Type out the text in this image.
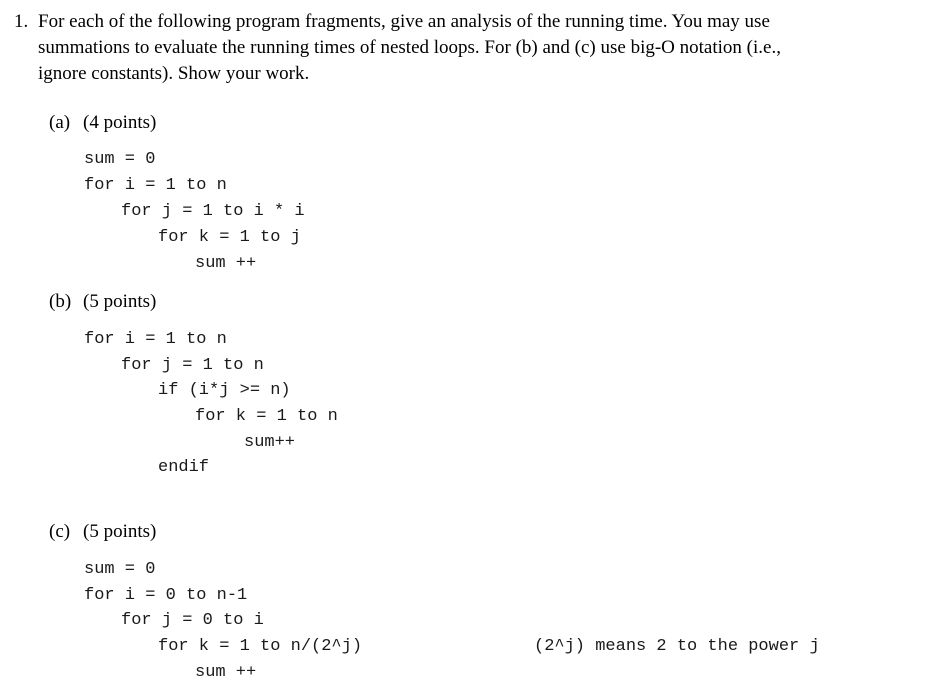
1. For each of the following program fragments, give an analysis of the running time. You may use
summations to evaluate the running times of nested loops. For (b) and (c) use big-O notation (i.e.,
ignore constants). Show your work.
(a) (4 points)
sum = 0
for i = 1 to n
for j = 1 to i * i
for k = 1 to j
sum ++
(b) (5 points)
for i = 1 to n
for j = 1 to n
if (i*j >= n)
for k = 1 to n
sum++
endif
(c) (5 points)
sum = 0
for i = 0 to n-1
for j = 0 to i
for k = 1 to n/(2^j)	(2^j) means 2 to the power j
sum ++
